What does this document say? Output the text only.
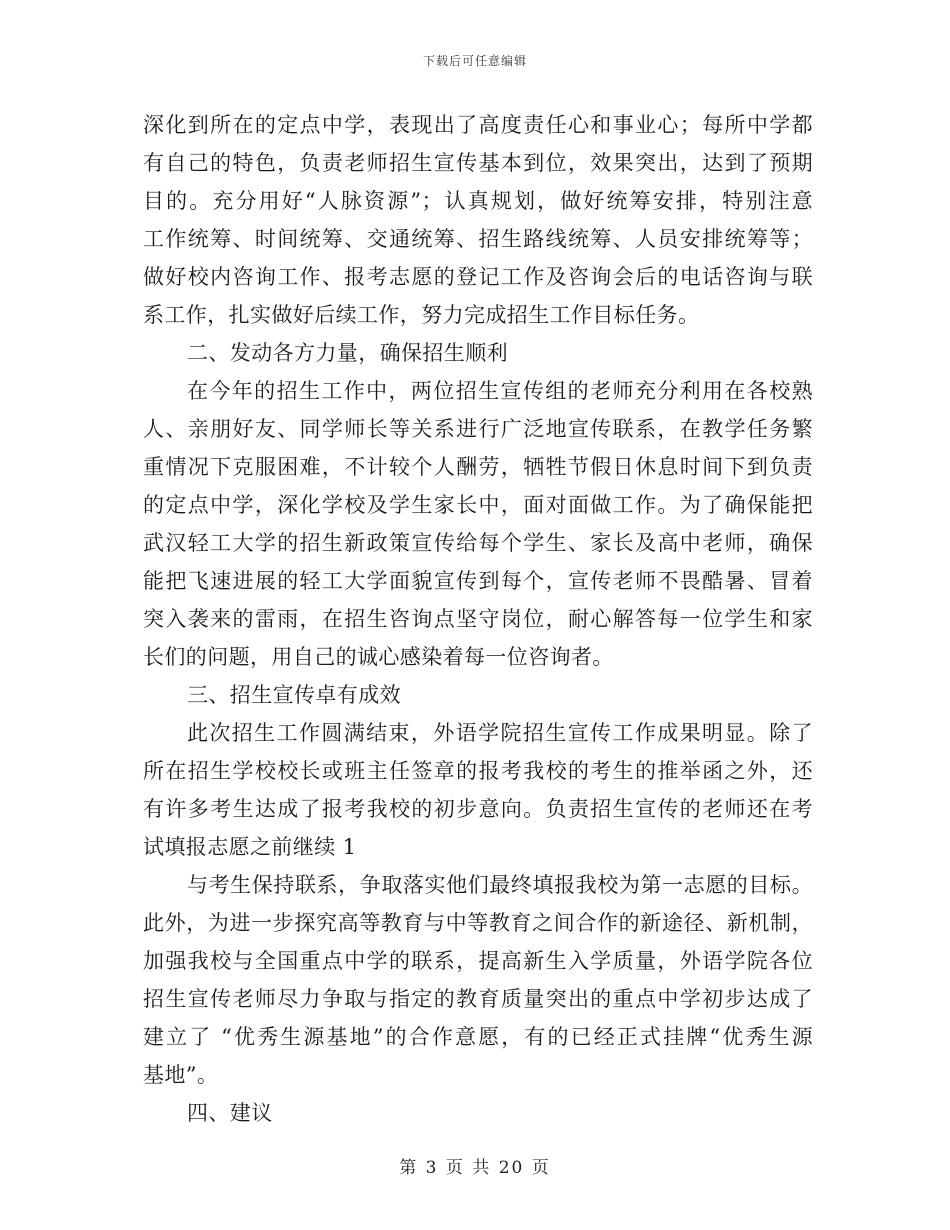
下载后可任意编辑
深化到所在的定点中学，表现出了高度责任心和事业心；每所中学都
有自己的特色，负责老师招生宣传基本到位，效果突出，达到了预期
目的。充分用好“人脉资源”；认真规划，做好统筹安排，特别注意
工作统筹、时间统筹、交通统筹、招生路线统筹、人员安排统筹等；
做好校内咨询工作、报考志愿的登记工作及咨询会后的电话咨询与联
系工作，扎实做好后续工作，努力完成招生工作目标任务。
二、发动各方力量，确保招生顺利
在今年的招生工作中，两位招生宣传组的老师充分利用在各校熟
人、亲朋好友、同学师长等关系进行广泛地宣传联系，在教学任务繁
重情况下克服困难，不计较个人酬劳，牺牲节假日休息时间下到负责
的定点中学，深化学校及学生家长中，面对面做工作。为了确保能把
武汉轻工大学的招生新政策宣传给每个学生、家长及高中老师，确保
能把飞速进展的轻工大学面貌宣传到每个，宣传老师不畏酷暑、冒着
突入袭来的雷雨，在招生咨询点坚守岗位，耐心解答每一位学生和家
长们的问题，用自己的诚心感染着每一位咨询者。
三、招生宣传卓有成效
此次招生工作圆满结束，外语学院招生宣传工作成果明显。除了
所在招生学校校长或班主任签章的报考我校的考生的推举函之外，还
有许多考生达成了报考我校的初步意向。负责招生宣传的老师还在考
试填报志愿之前继续 1
与考生保持联系，争取落实他们最终填报我校为第一志愿的目标。
此外，为进一步探究高等教育与中等教育之间合作的新途径、新机制，
加强我校与全国重点中学的联系，提高新生入学质量，外语学院各位
招生宣传老师尽力争取与指定的教育质量突出的重点中学初步达成了
建立了 “优秀生源基地”的合作意愿，有的已经正式挂牌“优秀生源
基地”。
四、建议
第 3 页 共 20 页
